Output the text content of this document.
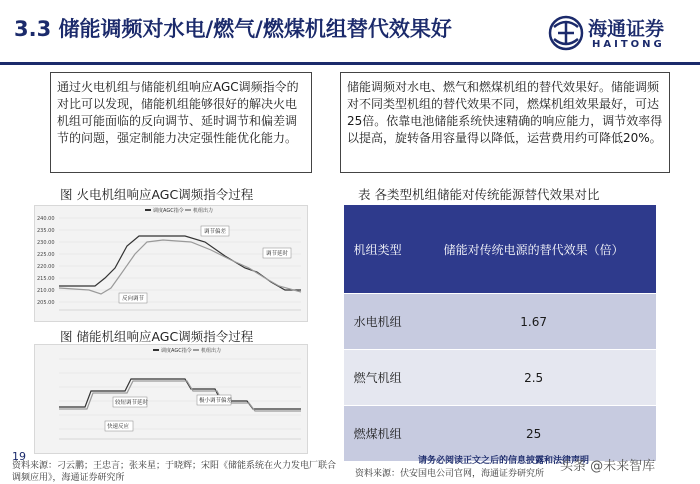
3.3 储能调频对水电/燃气/燃煤机组替代效果好	海通证券
HAITONG
通过火电机组与储能机组响应AGC调频指令的对比可以发现，储能机组能够很好的解决火电机组可能面临的反向调节、延时调节和偏差调节的问题，强定制能力决定强性能优化能力。
储能调频对水电、燃气和燃煤机组的替代效果好。储能调频对不同类型机组的替代效果不同，燃煤机组效果最好，可达25倍。依靠电池储能系统快速精确的响应能力，调节效率得以提高，旋转备用容量得以降低，运营费用约可降低20%。
图 火电机组响应AGC调频指令过程	表 各类型机组储能对传统能源替代效果对比
240.00
235.00
230.00
225.00
220.00
215.00
210.00
205.00
调度AGC指令 机组出力
反向调节
调节偏差
调节延时
图 储能机组响应AGC调频指令过程
调度AGC指令 机组出力
较短调节延时	极小调节偏差
快速反应
机组类型	储能对传统电源的替代效果（倍）
水电机组	1.67
燃气机组	2.5
燃煤机组	25
19
资料来源：刁云鹏；王忠言；张来星；于晓辉；宋阳《储能系统在火力发电厂联合调频应用》，海通证券研究所
请务必阅读正文之后的信息披露和法律声明
资料来源：伏安国电公司官网，海通证券研究所 头条 @未来智库
